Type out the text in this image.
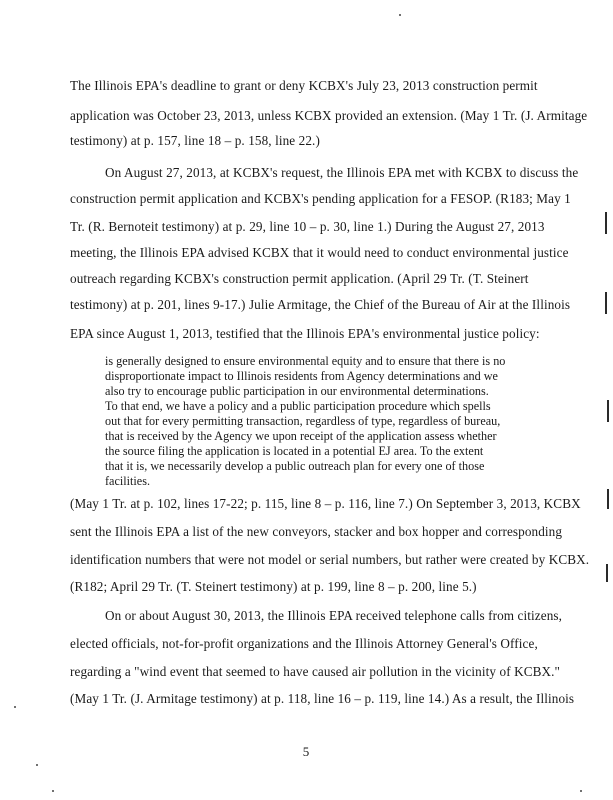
The Illinois EPA's deadline to grant or deny KCBX's July 23, 2013 construction permit
application was October 23, 2013, unless KCBX provided an extension. (May 1 Tr. (J. Armitage
testimony) at p. 157, line 18 – p. 158, line 22.)
On August 27, 2013, at KCBX's request, the Illinois EPA met with KCBX to discuss the
construction permit application and KCBX's pending application for a FESOP. (R183; May 1
Tr. (R. Bernoteit testimony) at p. 29, line 10 – p. 30, line 1.) During the August 27, 2013
meeting, the Illinois EPA advised KCBX that it would need to conduct environmental justice
outreach regarding KCBX's construction permit application. (April 29 Tr. (T. Steinert
testimony) at p. 201, lines 9-17.) Julie Armitage, the Chief of the Bureau of Air at the Illinois
EPA since August 1, 2013, testified that the Illinois EPA's environmental justice policy:
is generally designed to ensure environmental equity and to ensure that there is no
disproportionate impact to Illinois residents from Agency determinations and we
also try to encourage public participation in our environmental determinations.
To that end, we have a policy and a public participation procedure which spells
out that for every permitting transaction, regardless of type, regardless of bureau,
that is received by the Agency we upon receipt of the application assess whether
the source filing the application is located in a potential EJ area. To the extent
that it is, we necessarily develop a public outreach plan for every one of those
facilities.
(May 1 Tr. at p. 102, lines 17-22; p. 115, line 8 – p. 116, line 7.) On September 3, 2013, KCBX
sent the Illinois EPA a list of the new conveyors, stacker and box hopper and corresponding
identification numbers that were not model or serial numbers, but rather were created by KCBX.
(R182; April 29 Tr. (T. Steinert testimony) at p. 199, line 8 – p. 200, line 5.)
On or about August 30, 2013, the Illinois EPA received telephone calls from citizens,
elected officials, not-for-profit organizations and the Illinois Attorney General's Office,
regarding a "wind event that seemed to have caused air pollution in the vicinity of KCBX."
(May 1 Tr. (J. Armitage testimony) at p. 118, line 16 – p. 119, line 14.) As a result, the Illinois
5
